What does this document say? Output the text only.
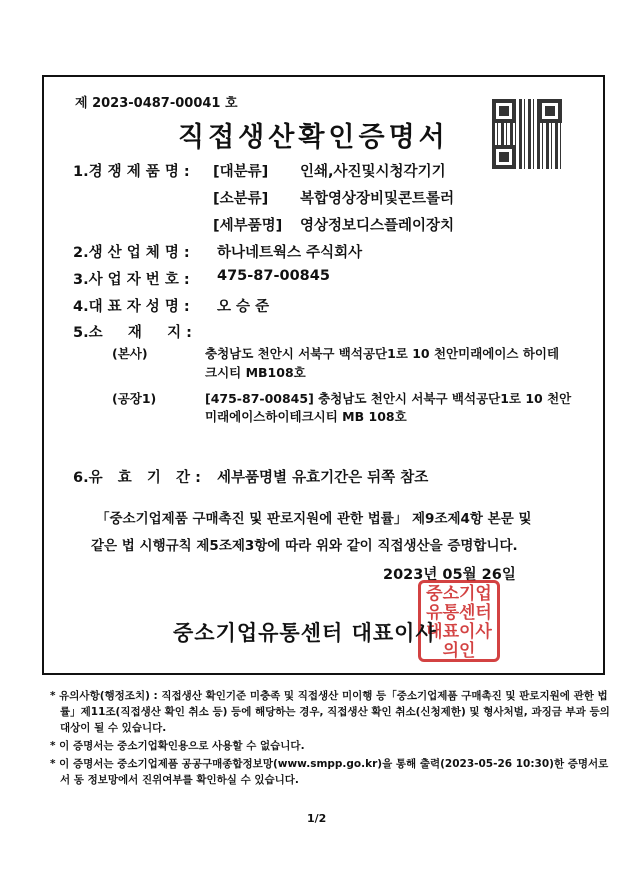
제 2023-0487-00041 호
직접생산확인증명서
1.경 쟁 제 품 명 : [대분류] 인쇄,사진및시청각기기
[소분류] 복합영상장비및콘트롤러
[세부품명] 영상정보디스플레이장치
2.생 산 업 체 명 : 하나네트웍스 주식회사
3.사 업 자 번 호 : 475-87-00845
4.대 표 자 성 명 : 오 승 준
5.소     재     지 :
6.유   효   기   간 : 세부품명별 유효기간은 뒤쪽 참조
(본사)	충청남도 천안시 서북구 백석공단1로 10 천안미래에이스 하이테
크시티 MB108호
(공장1)	[475-87-00845] 충청남도 천안시 서북구 백석공단1로 10 천안
미래에이스하이테크시티 MB 108호
「중소기업제품 구매촉진 및 판로지원에 관한 법률」 제9조제4항 본문 및
같은 법 시행규칙 제5조제3항에 따라 위와 같이 직접생산을 증명합니다.
2023년 05월 26일
중소기업유통센터대표이사의인
중소기업유통센터 대표이사
* 유의사항(행정조치) : 직접생산 확인기준 미충족 및 직접생산 미이행 등「중소기업제품 구매촉진 및 판로지원에 관한 법률」제11조(직접생산 확인 취소 등) 등에 해당하는 경우, 직접생산 확인 취소(신청제한) 및 형사처벌, 과징금 부과 등의 대상이 될 수 있습니다.
* 이 증명서는 중소기업확인용으로 사용할 수 없습니다.
* 이 증명서는 중소기업제품 공공구매종합정보망(www.smpp.go.kr)을 통해 출력(2023-05-26 10:30)한 증명서로서 동 정보망에서 진위여부를 확인하실 수 있습니다.
1/2
